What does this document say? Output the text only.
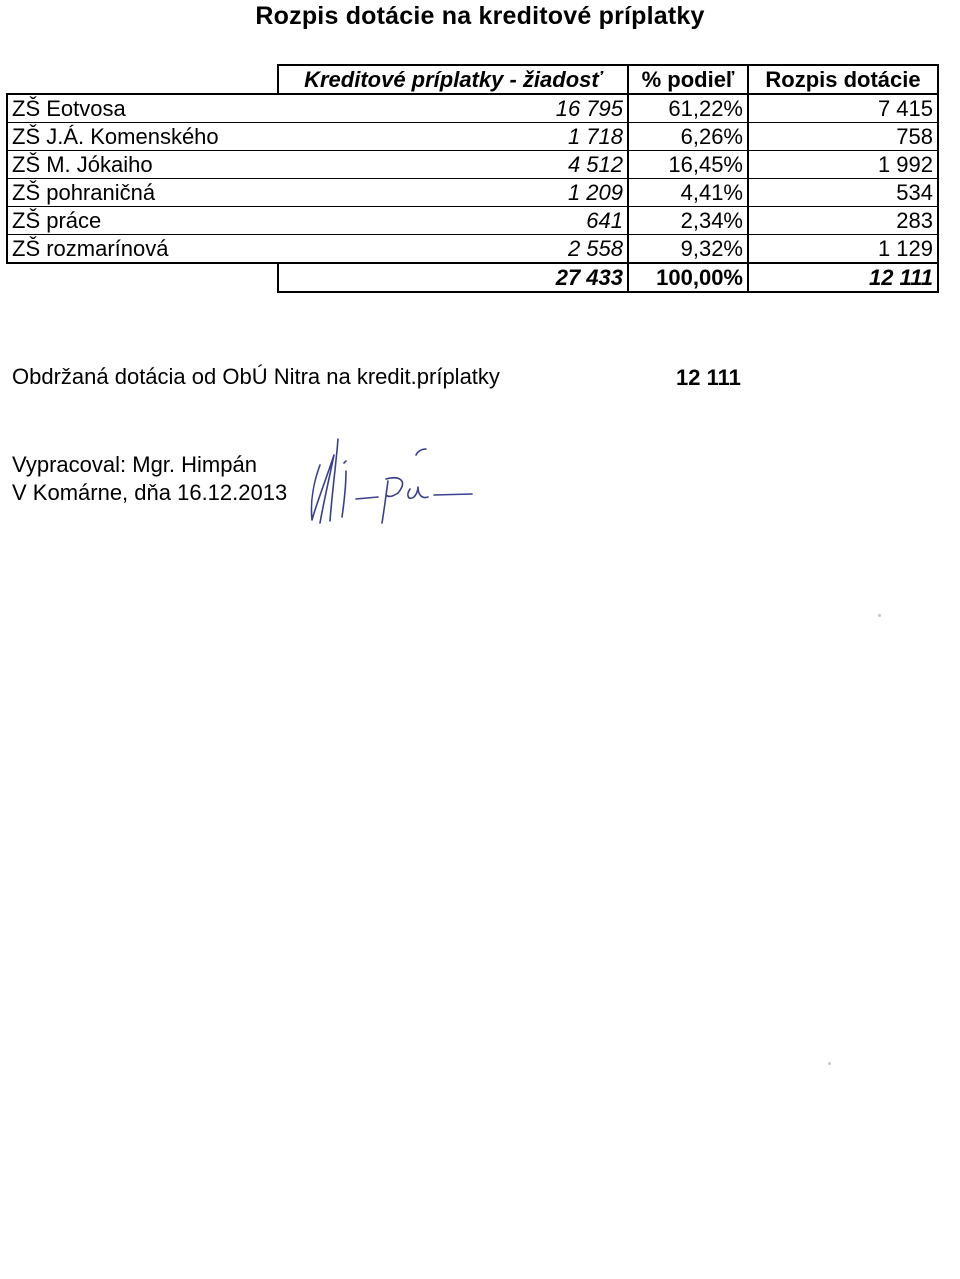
Rozpis dotácie na kreditové príplatky
	Kreditové príplatky - žiadosť	% podieľ	Rozpis dotácie
ZŠ Eotvosa	16 795	61,22%	7 415
ZŠ J.Á. Komenského	1 718	6,26%	758
ZŠ M. Jókaiho	4 512	16,45%	1 992
ZŠ pohraničná	1 209	4,41%	534
ZŠ práce	641	2,34%	283
ZŠ rozmarínová	2 558	9,32%	1 129
	27 433	100,00%	12 111
Obdržaná dotácia od ObÚ Nitra na kredit.príplatky	12 111
Vypracoval: Mgr. Himpán
V Komárne, dňa 16.12.2013
